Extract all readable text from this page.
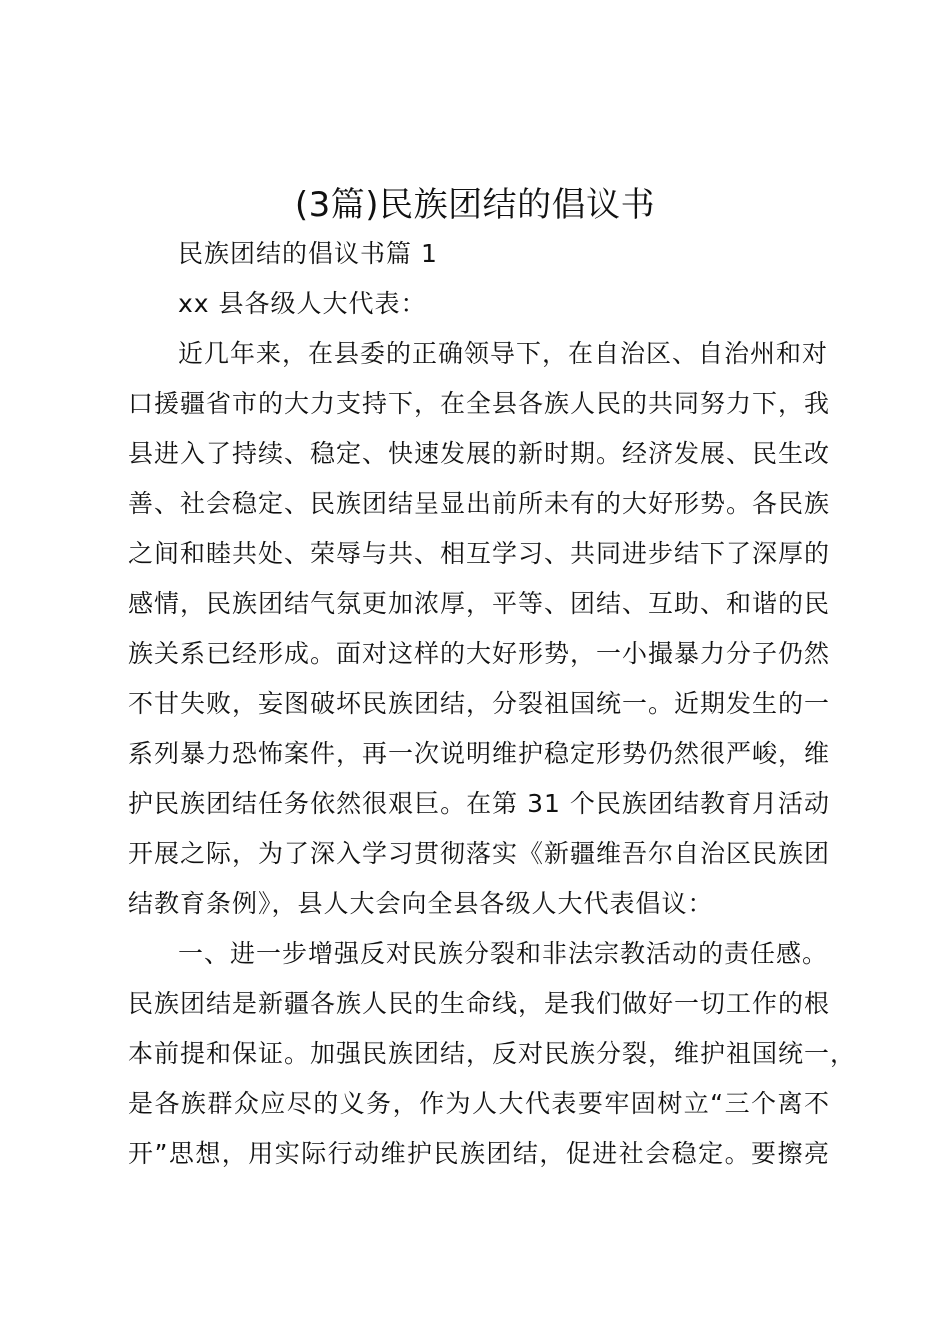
(3篇)民族团结的倡议书
民族团结的倡议书篇 1
xx 县各级人大代表：
近几年来，在县委的正确领导下，在自治区、自治州和对
口援疆省市的大力支持下，在全县各族人民的共同努力下，我
县进入了持续、稳定、快速发展的新时期。经济发展、民生改
善、社会稳定、民族团结呈显出前所未有的大好形势。各民族
之间和睦共处、荣辱与共、相互学习、共同进步结下了深厚的
感情，民族团结气氛更加浓厚，平等、团结、互助、和谐的民
族关系已经形成。面对这样的大好形势，一小撮暴力分子仍然
不甘失败，妄图破坏民族团结，分裂祖国统一。近期发生的一
系列暴力恐怖案件，再一次说明维护稳定形势仍然很严峻，维
护民族团结任务依然很艰巨。在第 31 个民族团结教育月活动
开展之际，为了深入学习贯彻落实《新疆维吾尔自治区民族团
结教育条例》，县人大会向全县各级人大代表倡议：
一、进一步增强反对民族分裂和非法宗教活动的责任感。
民族团结是新疆各族人民的生命线，是我们做好一切工作的根
本前提和保证。加强民族团结，反对民族分裂，维护祖国统一，
是各族群众应尽的义务，作为人大代表要牢固树立“三个离不
开”思想，用实际行动维护民族团结，促进社会稳定。要擦亮
